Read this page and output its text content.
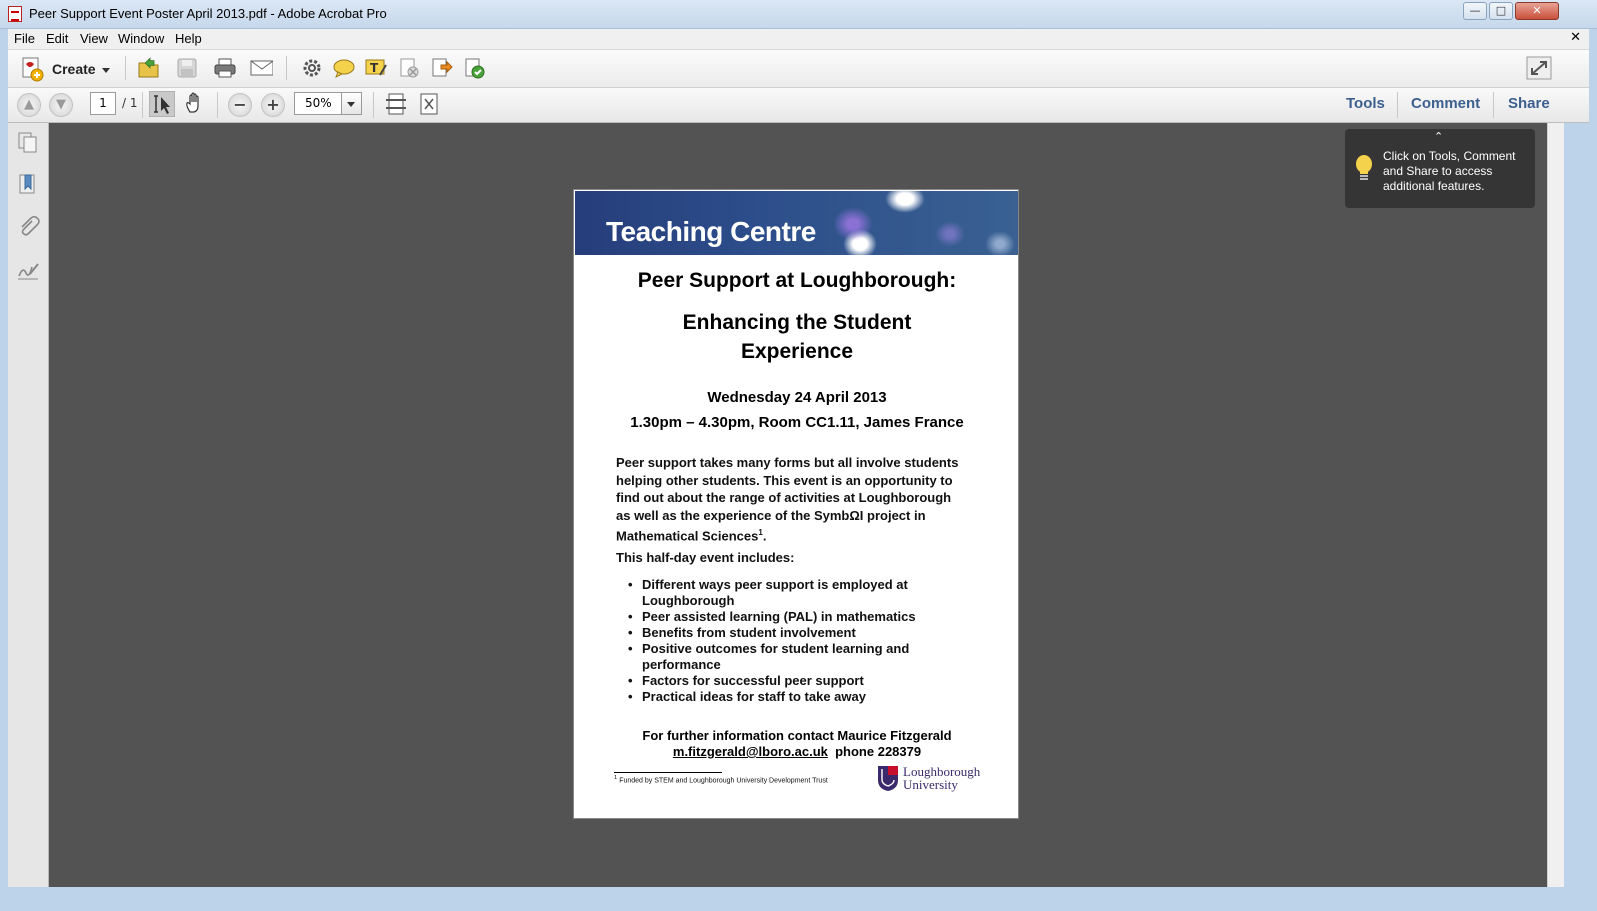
Peer Support Event Poster April 2013.pdf - Adobe Acrobat Pro	—	□	✕
File Edit View Window Help	✕
Create	T
▲	▼	1	/ 1	−	+	50%	Tools Comment Share
⌃
Click on Tools, Comment and Share to access additional features.
Teaching Centre
Peer Support at Loughborough:
Enhancing the Student
Experience
Wednesday 24 April 2013
1.30pm – 4.30pm, Room CC1.11, James France
Peer support takes many forms but all involve students
helping other students. This event is an opportunity to
find out about the range of activities at Loughborough
as well as the experience of the SymbΩI project in
Mathematical Sciences$^1$.
This half-day event includes:
• Different ways peer support is employed at Loughborough
• Peer assisted learning (PAL) in mathematics
• Benefits from student involvement
• Positive outcomes for student learning and performance
• Factors for successful peer support
• Practical ideas for staff to take away
For further information contact Maurice Fitzgerald
m.fitzgerald@lboro.ac.uk phone 228379
$^1$ Funded by STEM and Loughborough University Development Trust
Loughborough
University
